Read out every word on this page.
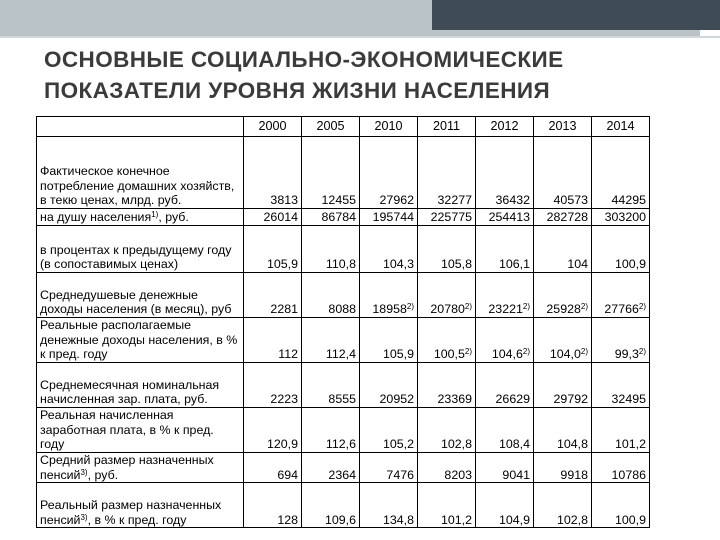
ОСНОВНЫЕ СОЦИАЛЬНО-ЭКОНОМИЧЕСКИЕ
ПОКАЗАТЕЛИ УРОВНЯ ЖИЗНИ НАСЕЛЕНИЯ
	2000	2005	2010	2011	2012	2013	2014
Фактическое конечное потребление домашних хозяйств, в текю ценах, млрд. руб.	3813	12455	27962	32277	36432	40573	44295
на душу населения$^{1)}$, руб.	26014	86784	195744	225775	254413	282728	303200
в процентах к предыдущему году (в сопоставимых ценах)	105,9	110,8	104,3	105,8	106,1	104	100,9
Среднедушевые денежные доходы населения (в месяц), руб	2281	8088	18958$^{2)}$	20780$^{2)}$	23221$^{2)}$	25928$^{2)}$	27766$^{2)}$
Реальные располагаемые денежные доходы населения, в % к пред. году	112	112,4	105,9	100,5$^{2)}$	104,6$^{2)}$	104,0$^{2)}$	99,3$^{2)}$
Среднемесячная номинальная начисленная зар. плата, руб.	2223	8555	20952	23369	26629	29792	32495
Реальная начисленная заработная плата, в % к пред. году	120,9	112,6	105,2	102,8	108,4	104,8	101,2
Средний размер назначенных пенсий$^{3)}$, руб.	694	2364	7476	8203	9041	9918	10786
Реальный размер назначенных пенсий$^{3)}$, в % к пред. году	128	109,6	134,8	101,2	104,9	102,8	100,9
